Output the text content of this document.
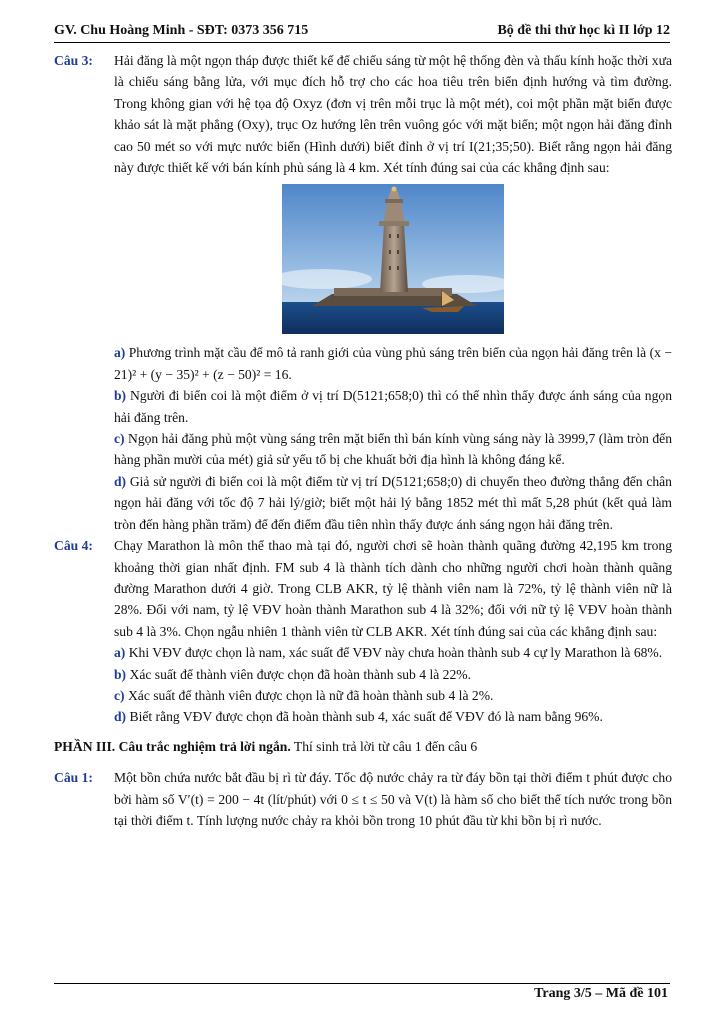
GV. Chu Hoàng Minh - SĐT: 0373 356 715	Bộ đề thi thử học kì II lớp 12
Câu 3:	Hải đăng là một ngọn tháp được thiết kế để chiếu sáng từ một hệ thống đèn và thấu kính hoặc thời xưa là chiếu sáng bằng lửa, với mục đích hỗ trợ cho các hoa tiêu trên biển định hướng và tìm đường. Trong không gian với hệ tọa độ Oxyz (đơn vị trên mỗi trục là một mét), coi một phần mặt biển được khảo sát là mặt phẳng (Oxy), trục Oz hướng lên trên vuông góc với mặt biển; một ngọn hải đăng đỉnh cao 50 mét so với mực nước biển (Hình dưới) biết đỉnh ở vị trí I(21;35;50). Biết rằng ngọn hải đăng này được thiết kế với bán kính phủ sáng là 4 km. Xét tính đúng sai của các khẳng định sau:
a) Phương trình mặt cầu để mô tả ranh giới của vùng phủ sáng trên biển của ngọn hải đăng trên là (x − 21)² + (y − 35)² + (z − 50)² = 16.
b) Người đi biển coi là một điểm ở vị trí D(5121;658;0) thì có thể nhìn thấy được ánh sáng của ngọn hải đăng trên.
c) Ngọn hải đăng phủ một vùng sáng trên mặt biển thì bán kính vùng sáng này là 3999,7 (làm tròn đến hàng phần mười của mét) giả sử yếu tố bị che khuất bởi địa hình là không đáng kể.
d) Giả sử người đi biển coi là một điểm từ vị trí D(5121;658;0) di chuyển theo đường thẳng đến chân ngọn hải đăng với tốc độ 7 hải lý/giờ; biết một hải lý bằng 1852 mét thì mất 5,28 phút (kết quả làm tròn đến hàng phần trăm) để đến điểm đầu tiên nhìn thấy được ánh sáng ngọn hải đăng trên.
Câu 4:	Chạy Marathon là môn thể thao mà tại đó, người chơi sẽ hoàn thành quãng đường 42,195 km trong khoảng thời gian nhất định. FM sub 4 là thành tích dành cho những người chơi hoàn thành quãng đường Marathon dưới 4 giờ. Trong CLB AKR, tỷ lệ thành viên nam là 72%, tỷ lệ thành viên nữ là 28%. Đối với nam, tỷ lệ VĐV hoàn thành Marathon sub 4 là 32%; đối với nữ tỷ lệ VĐV hoàn thành sub 4 là 3%. Chọn ngẫu nhiên 1 thành viên từ CLB AKR. Xét tính đúng sai của các khẳng định sau:
a) Khi VĐV được chọn là nam, xác suất để VĐV này chưa hoàn thành sub 4 cự ly Marathon là 68%.
b) Xác suất để thành viên được chọn đã hoàn thành sub 4 là 22%.
c) Xác suất để thành viên được chọn là nữ đã hoàn thành sub 4 là 2%.
d) Biết rằng VĐV được chọn đã hoàn thành sub 4, xác suất để VĐV đó là nam bằng 96%.
PHẦN III. Câu trắc nghiệm trả lời ngắn. Thí sinh trả lời từ câu 1 đến câu 6
Câu 1:	Một bồn chứa nước bắt đầu bị rì từ đáy. Tốc độ nước chảy ra từ đáy bồn tại thời điểm t phút được cho bởi hàm số V′(t) = 200 − 4t (lít/phút) với 0 ≤ t ≤ 50 và V(t) là hàm số cho biết thể tích nước trong bồn tại thời điểm t. Tính lượng nước chảy ra khỏi bồn trong 10 phút đầu từ khi bồn bị rì nước.
Trang 3/5 – Mã đề 101
